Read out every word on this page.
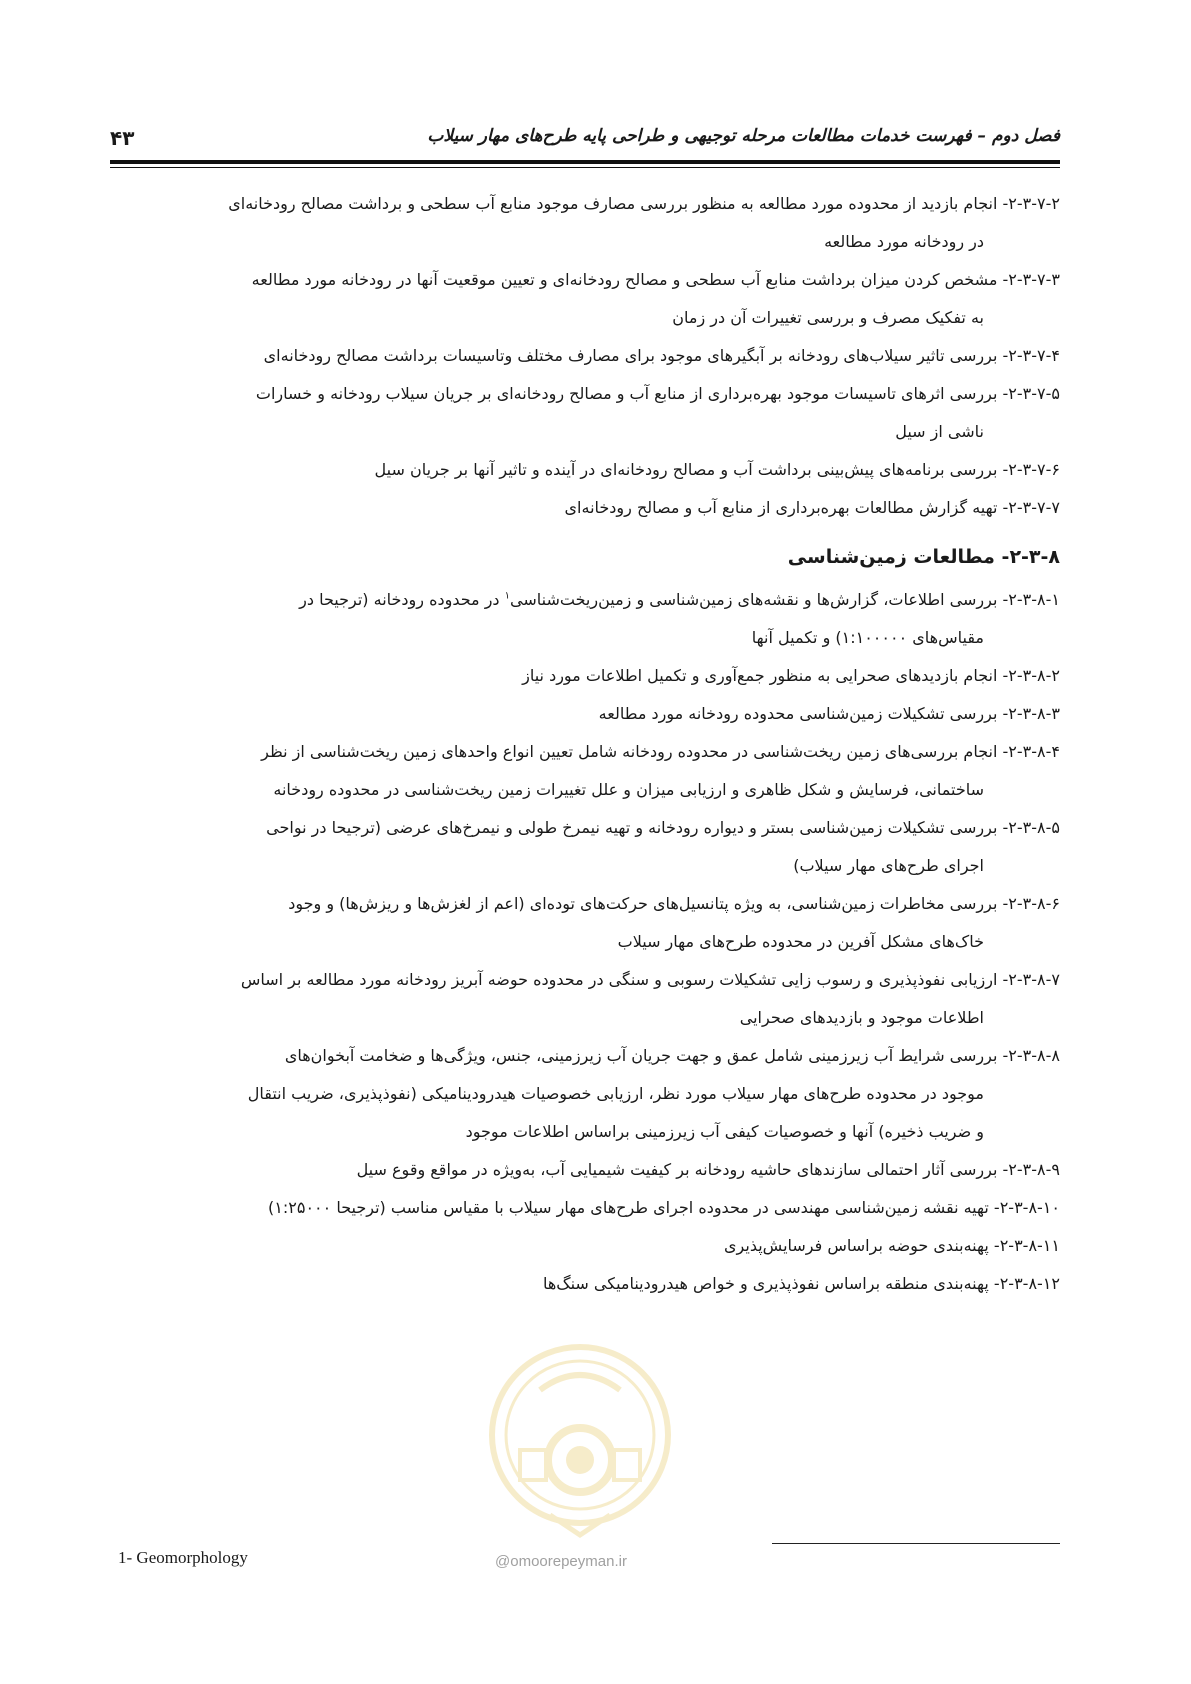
فصل دوم – فهرست خدمات مطالعات مرحله توجیهی و طراحی پایه طرح‌های مهار سیلاب
۴۳

۲-۳-۷-۲- انجام بازدید از محدوده مورد مطالعه به منظور بررسی مصارف موجود منابع آب سطحی و برداشت مصالح رودخانه‌ای

در رودخانه مورد مطالعه

۲-۳-۷-۳- مشخص کردن میزان برداشت منابع آب سطحی و مصالح رودخانه‌ای و تعیین موقعیت آنها در رودخانه مورد مطالعه

به تفکیک مصرف و بررسی تغییرات آن در زمان

۲-۳-۷-۴- بررسی تاثیر سیلاب‌های رودخانه بر آبگیرهای موجود برای مصارف مختلف وتاسیسات برداشت مصالح رودخانه‌ای

۲-۳-۷-۵- بررسی اثرهای تاسیسات موجود بهره‌برداری از منابع آب و مصالح رودخانه‌ای بر جریان سیلاب رودخانه و خسارات

ناشی از سیل

۲-۳-۷-۶- بررسی برنامه‌های پیش‌بینی برداشت آب و مصالح رودخانه‌ای در آینده و تاثیر آنها بر جریان سیل

۲-۳-۷-۷- تهیه گزارش مطالعات بهره‌برداری از منابع آب و مصالح رودخانه‌ای

۲-۳-۸- مطالعات زمین‌شناسی

۲-۳-۸-۱- بررسی اطلاعات، گزارش‌ها و نقشه‌های زمین‌شناسی و زمین‌ریخت‌شناسی$^۱$ در محدوده رودخانه (ترجیحا در

مقیاس‌های ۱:۱۰۰۰۰۰) و تکمیل آنها

۲-۳-۸-۲- انجام بازدیدهای صحرایی به منظور جمع‌آوری و تکمیل اطلاعات مورد نیاز

۲-۳-۸-۳- بررسی تشکیلات زمین‌شناسی محدوده رودخانه مورد مطالعه

۲-۳-۸-۴- انجام بررسی‌های زمین ریخت‌شناسی در محدوده رودخانه شامل تعیین انواع واحدهای زمین ریخت‌شناسی از نظر

ساختمانی، فرسایش و شکل ظاهری و ارزیابی میزان و علل تغییرات زمین ریخت‌شناسی در محدوده رودخانه

۲-۳-۸-۵- بررسی تشکیلات زمین‌شناسی بستر و دیواره رودخانه و تهیه نیمرخ طولی و نیمرخ‌های عرضی (ترجیحا در نواحی

اجرای طرح‌های مهار سیلاب)

۲-۳-۸-۶- بررسی مخاطرات زمین‌شناسی، به ویژه پتانسیل‌های حرکت‌های توده‌ای (اعم از لغزش‌ها و ریزش‌ها) و وجود

خاک‌های مشکل آفرین در محدوده طرح‌های مهار سیلاب

۲-۳-۸-۷- ارزیابی نفوذپذیری و رسوب زایی تشکیلات رسوبی و سنگی در محدوده حوضه آبریز رودخانه مورد مطالعه بر اساس

اطلاعات موجود و بازدیدهای صحرایی

۲-۳-۸-۸- بررسی شرایط آب زیرزمینی شامل عمق و جهت جریان آب زیرزمینی، جنس، ویژگی‌ها و ضخامت آبخوان‌های

موجود در محدوده طرح‌های مهار سیلاب مورد نظر، ارزیابی خصوصیات هیدرودینامیکی (نفوذپذیری، ضریب انتقال

و ضریب ذخیره) آنها و خصوصیات کیفی آب زیرزمینی براساس اطلاعات موجود

۲-۳-۸-۹- بررسی آثار احتمالی سازندهای حاشیه رودخانه بر کیفیت شیمیایی آب، به‌ویژه در مواقع وقوع سیل

۲-۳-۸-۱۰- تهیه نقشه زمین‌شناسی مهندسی در محدوده اجرای طرح‌های مهار سیلاب با مقیاس مناسب (ترجیحا ۱:۲۵۰۰۰)

۲-۳-۸-۱۱- پهنه‌بندی حوضه براساس فرسایش‌پذیری

۲-۳-۸-۱۲- پهنه‌بندی منطقه براساس نفوذپذیری و خواص هیدرودینامیکی سنگ‌ها

@omoorepeyman.ir
1- Geomorphology
